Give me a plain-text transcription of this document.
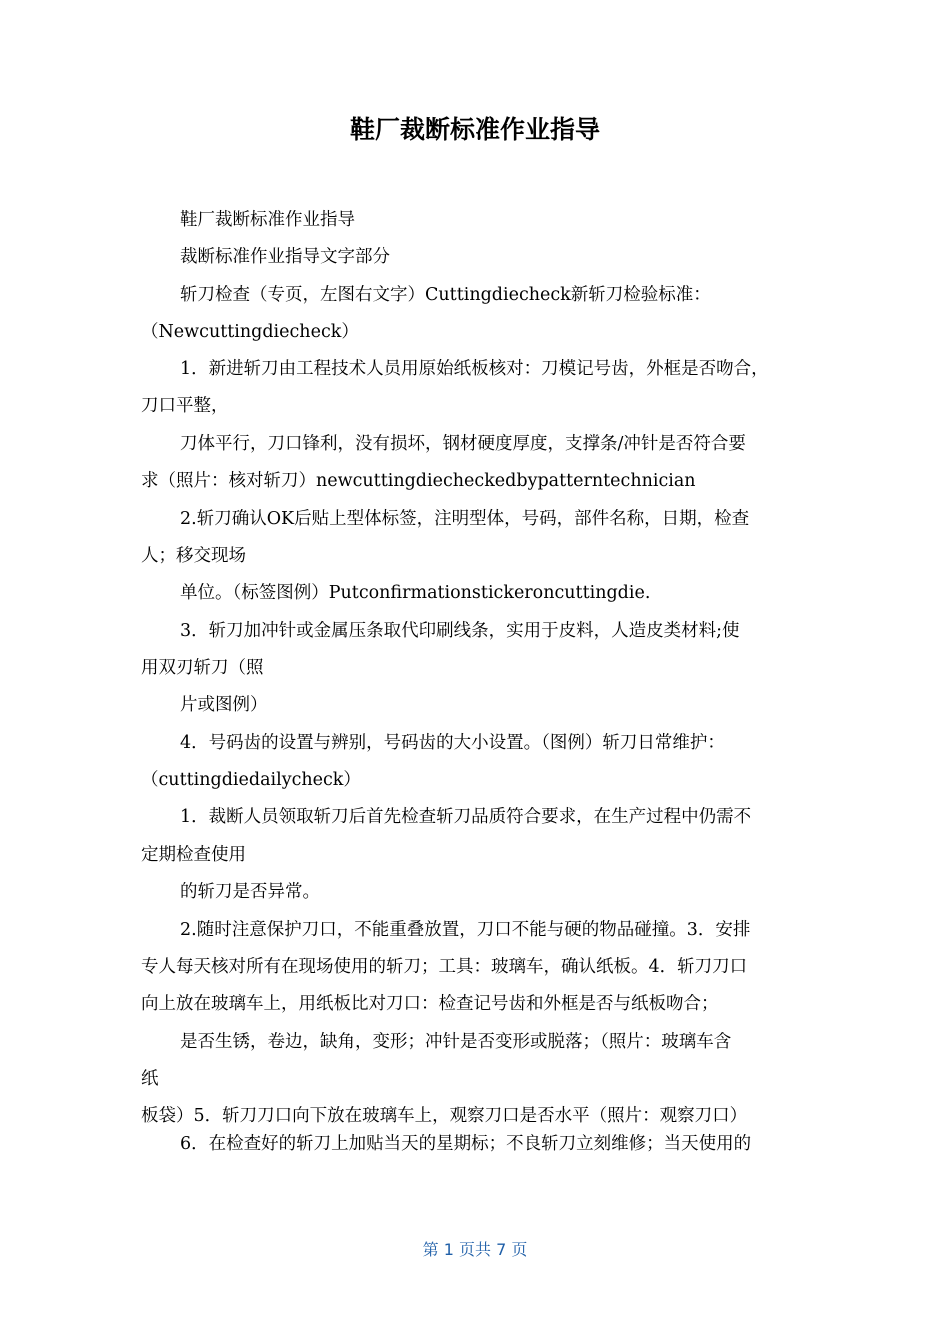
鞋厂裁断标准作业指导

鞋厂裁断标准作业指导

裁断标准作业指导文字部分

斩刀检查（专页，左图右文字）Cuttingdiecheck新斩刀检验标准：

（Newcuttingdiecheck）

1．新进斩刀由工程技术人员用原始纸板核对：刀模记号齿，外框是否吻合，

刀口平整，

刀体平行，刀口锋利，没有损坏，钢材硬度厚度，支撑条/冲针是否符合要

求（照片：核对斩刀）newcuttingdiecheckedbypatterntechnician

2.斩刀确认OK后贴上型体标签，注明型体，号码，部件名称，日期，检查

人；移交现场

单位。（标签图例）Putconfirmationstickeroncuttingdie.

3．斩刀加冲针或金属压条取代印刷线条，实用于皮料，人造皮类材料;使

用双刃斩刀（照

片或图例）

4．号码齿的设置与辨别，号码齿的大小设置。（图例）斩刀日常维护：

（cuttingdiedailycheck）

1．裁断人员领取斩刀后首先检查斩刀品质符合要求，在生产过程中仍需不

定期检查使用

的斩刀是否异常。

2.随时注意保护刀口，不能重叠放置，刀口不能与硬的物品碰撞。3．安排

专人每天核对所有在现场使用的斩刀；工具：玻璃车，确认纸板。4．斩刀刀口

向上放在玻璃车上，用纸板比对刀口：检查记号齿和外框是否与纸板吻合；

是否生锈，卷边，缺角，变形；冲针是否变形或脱落；（照片：玻璃车含

纸

板袋）5．斩刀刀口向下放在玻璃车上，观察刀口是否水平（照片：观察刀口）

6．在检查好的斩刀上加贴当天的星期标；不良斩刀立刻维修；当天使用的

第 1 页共 7 页
